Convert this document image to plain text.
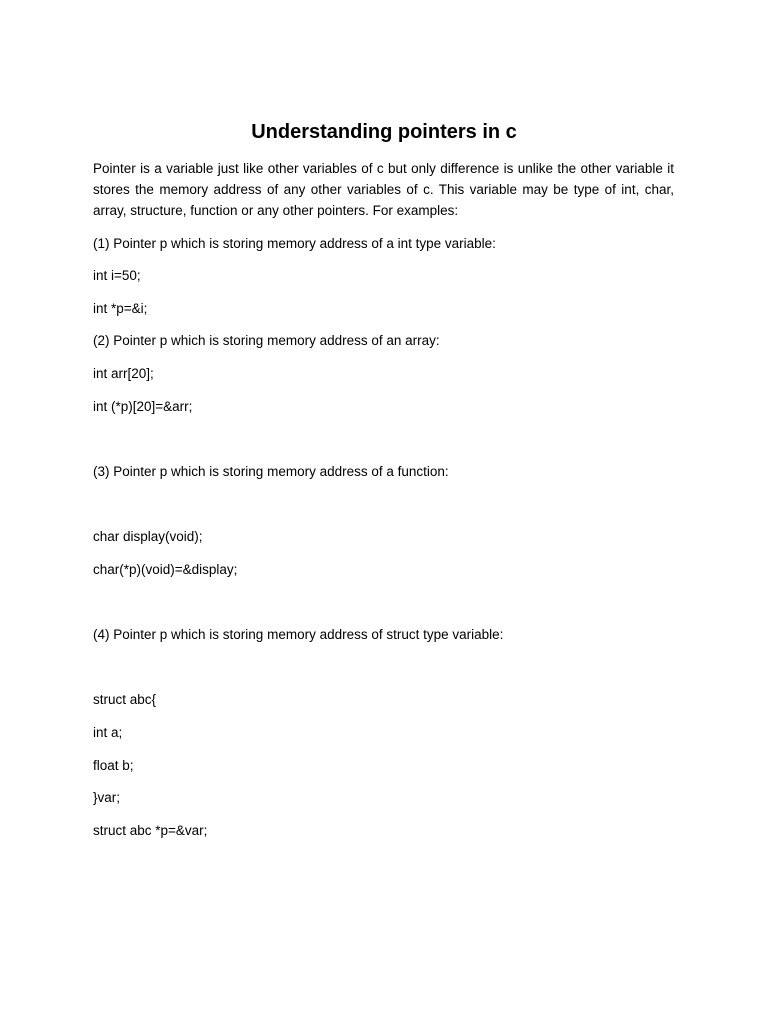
Understanding pointers in c

Pointer is a variable just like other variables of c but only difference is unlike the other variable it stores the memory address of any other variables of c. This variable may be type of int, char, array, structure, function or any other pointers. For examples:

(1) Pointer p which is storing memory address of a int type variable:

int i=50;

int *p=&i;

(2) Pointer p which is storing memory address of an array:

int arr[20];

int (*p)[20]=&arr;

(3) Pointer p which is storing memory address of a function:

char display(void);

char(*p)(void)=&display;

(4) Pointer p which is storing memory address of struct type variable:

struct abc{

int a;

float b;

}var;

struct abc *p=&var;
